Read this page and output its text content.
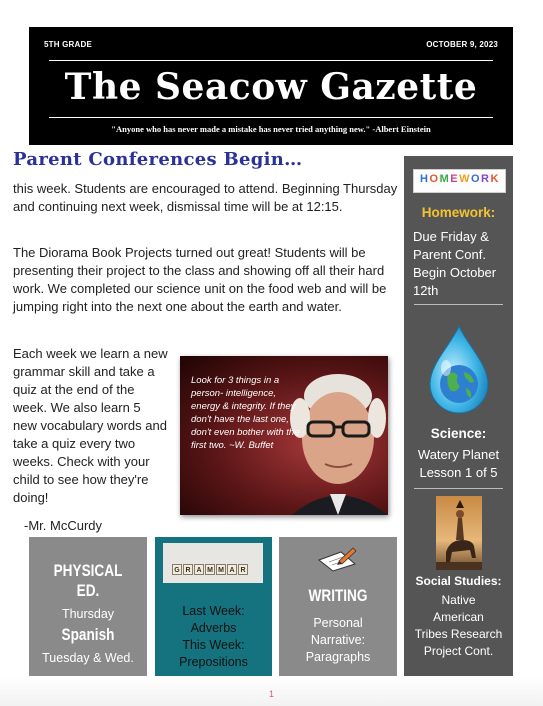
5TH GRADE	OCTOBER 9, 2023
The Seacow Gazette
"Anyone who has never made a mistake has never tried anything new." -Albert Einstein
Parent Conferences Begin…

this week. Students are encouraged to attend. Beginning Thursday and continuing next week, dismissal time will be at 12:15.

The Diorama Book Projects turned out great! Students will be presenting their project to the class and showing off all their hard work. We completed our science unit on the food web and will be jumping right into the next one about the earth and water.

Each week we learn a new grammar skill and take a quiz at the end of the week. We also learn 5 new vocabulary words and take a quiz every two weeks. Check with your child to see how they're doing!

-Mr. McCurdy

Look for 3 things in a person- intelligence, energy & integrity. If they don't have the last one, don't even bother with the first two. ~W. Buffet

PHYSICAL ED.

Thursday

Spanish

Tuesday & Wed.

G R A M M A R

Last Week:

Adverbs

This Week:

Prepositions

WRITING

Personal

Narrative:

Paragraphs

H O M E W O R K

Homework:

Due Friday & Parent Conf. Begin October 12th

Science:

Watery Planet

Lesson 1 of 5

Social Studies:

Native

American

Tribes Research

Project Cont.

1
